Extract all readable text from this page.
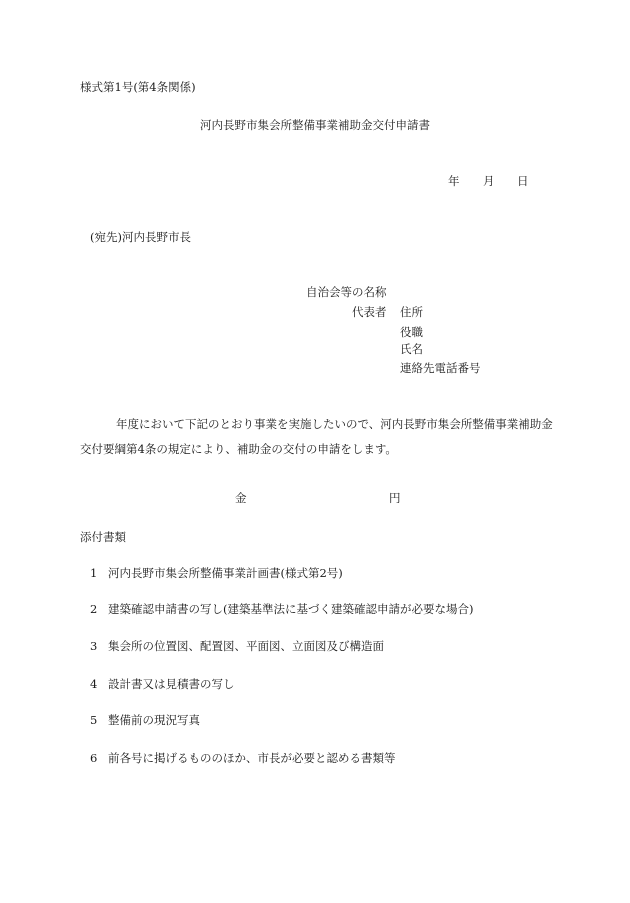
様式第1号(第4条関係)
河内長野市集会所整備事業補助金交付申請書
年 月 日
(宛先)河内長野市長
自治会等の名称
代表者 住所
役職
氏名
連絡先電話番号
年度において下記のとおり事業を実施したいので、河内長野市集会所整備事業補助金交付要綱第4条の規定により、補助金の交付の申請をします。
金	円
添付書類
1 河内長野市集会所整備事業計画書(様式第2号)
2 建築確認申請書の写し(建築基準法に基づく建築確認申請が必要な場合)
3 集会所の位置図、配置図、平面図、立面図及び構造面
4 設計書又は見積書の写し
5 整備前の現況写真
6 前各号に掲げるもののほか、市長が必要と認める書類等
